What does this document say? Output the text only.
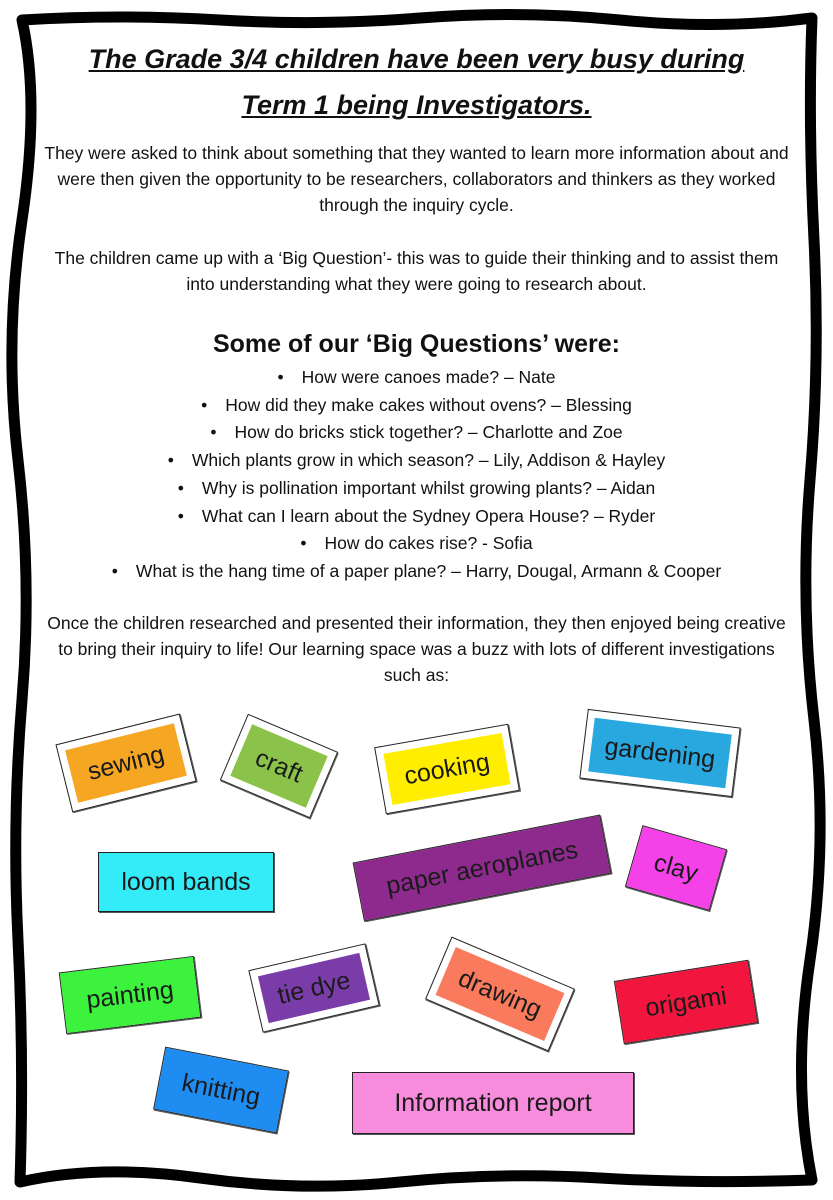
The Grade 3/4 children have been very busy during
Term 1 being Investigators.

They were asked to think about something that they wanted to learn more information about and were then given the opportunity to be researchers, collaborators and thinkers as they worked through the inquiry cycle.

The children came up with a ‘Big Question’- this was to guide their thinking and to assist them into understanding what they were going to research about.

Some of our ‘Big Questions’ were:
• How were canoes made? – Nate
• How did they make cakes without ovens? – Blessing
• How do bricks stick together? – Charlotte and Zoe
• Which plants grow in which season? – Lily, Addison & Hayley
• Why is pollination important whilst growing plants? – Aidan
• What can I learn about the Sydney Opera House? – Ryder
• How do cakes rise? - Sofia
• What is the hang time of a paper plane? – Harry, Dougal, Armann & Cooper

Once the children researched and presented their information, they then enjoyed being creative to bring their inquiry to life! Our learning space was a buzz with lots of different investigations such as:

sewing	craft	cooking	gardening
loom bands	paper aeroplanes	clay
painting	tie dye	drawing	origami
knitting	Information report
